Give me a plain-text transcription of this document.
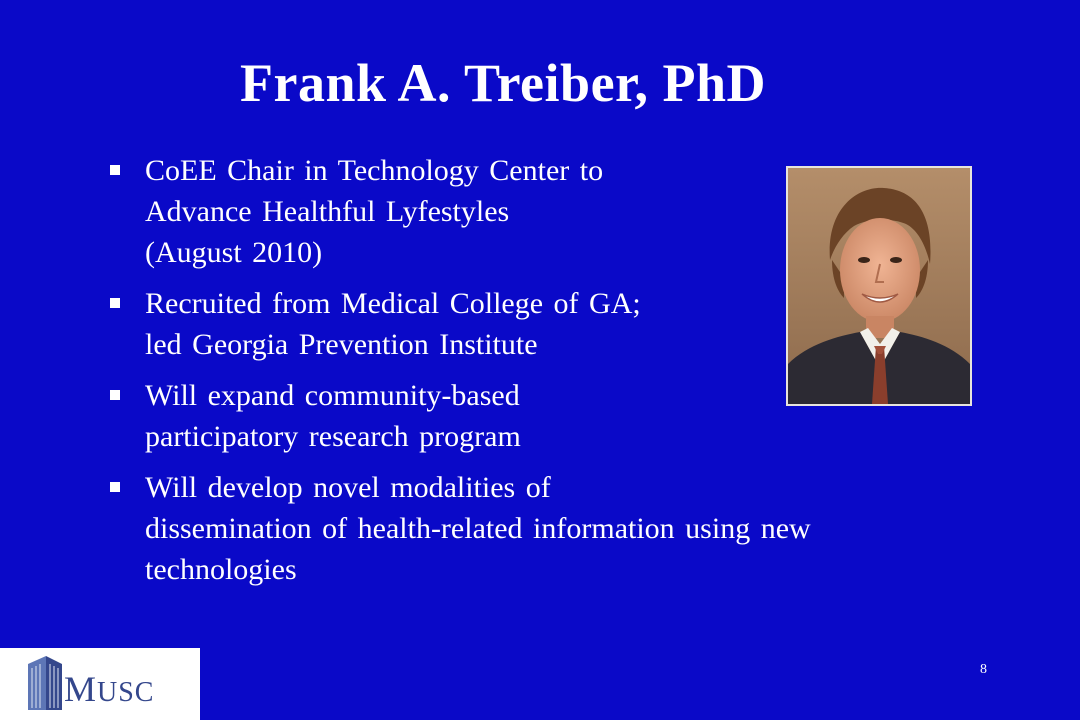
Frank A. Treiber, PhD
CoEE Chair in Technology Center to
Advance Healthful Lyfestyles
(August 2010)
Recruited from Medical College of GA;
led Georgia Prevention Institute
Will expand community-based
participatory research program
Will develop novel modalities of
dissemination of health-related information using new
technologies
MUSC
8
